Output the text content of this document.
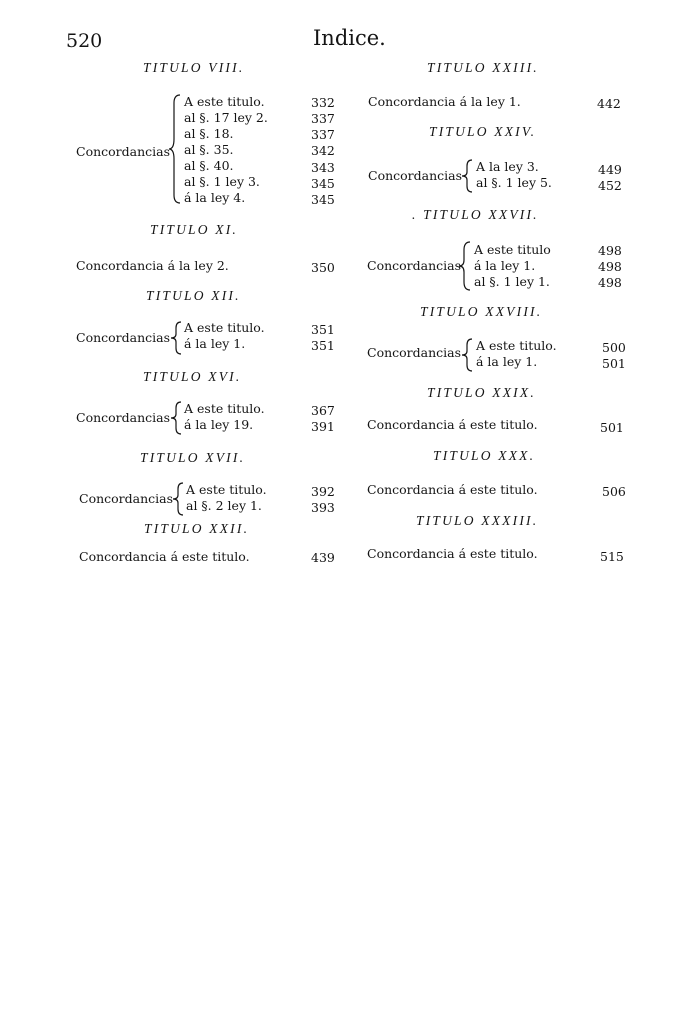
520	Indice.
TITULO VIII.
Concordancias
A este titulo.	332
al §. 17 ley 2.	337
al §. 18.	337
al §. 35.	342
al §. 40.	343
al §. 1 ley 3.	345
á la ley 4.	345
TITULO XI.
Concordancia á la ley 2.	350
TITULO XII.
Concordancias
A este titulo.	351
á la ley 1.	351
TITULO XVI.
Concordancias
A este titulo.	367
á la ley 19.	391
TITULO XVII.
Concordancias
A este titulo.	392
al §. 2 ley 1.	393
TITULO XXII.
Concordancia á este titulo.	439
TITULO XXIII.
Concordancia á la ley 1.	442
TITULO XXIV.
Concordancias
A la ley 3.	449
al §. 1 ley 5.	452
. TITULO XXVII.
Concordancias
A este titulo	498
á la ley 1.	498
al §. 1 ley 1.	498
TITULO XXVIII.
Concordancias A este titulo.	500
á la ley 1.	501
TITULO XXIX.
Concordancia á este titulo.	501
TITULO XXX.
Concordancia á este titulo.	506
TITULO XXXIII.
Concordancia á este titulo.	515
